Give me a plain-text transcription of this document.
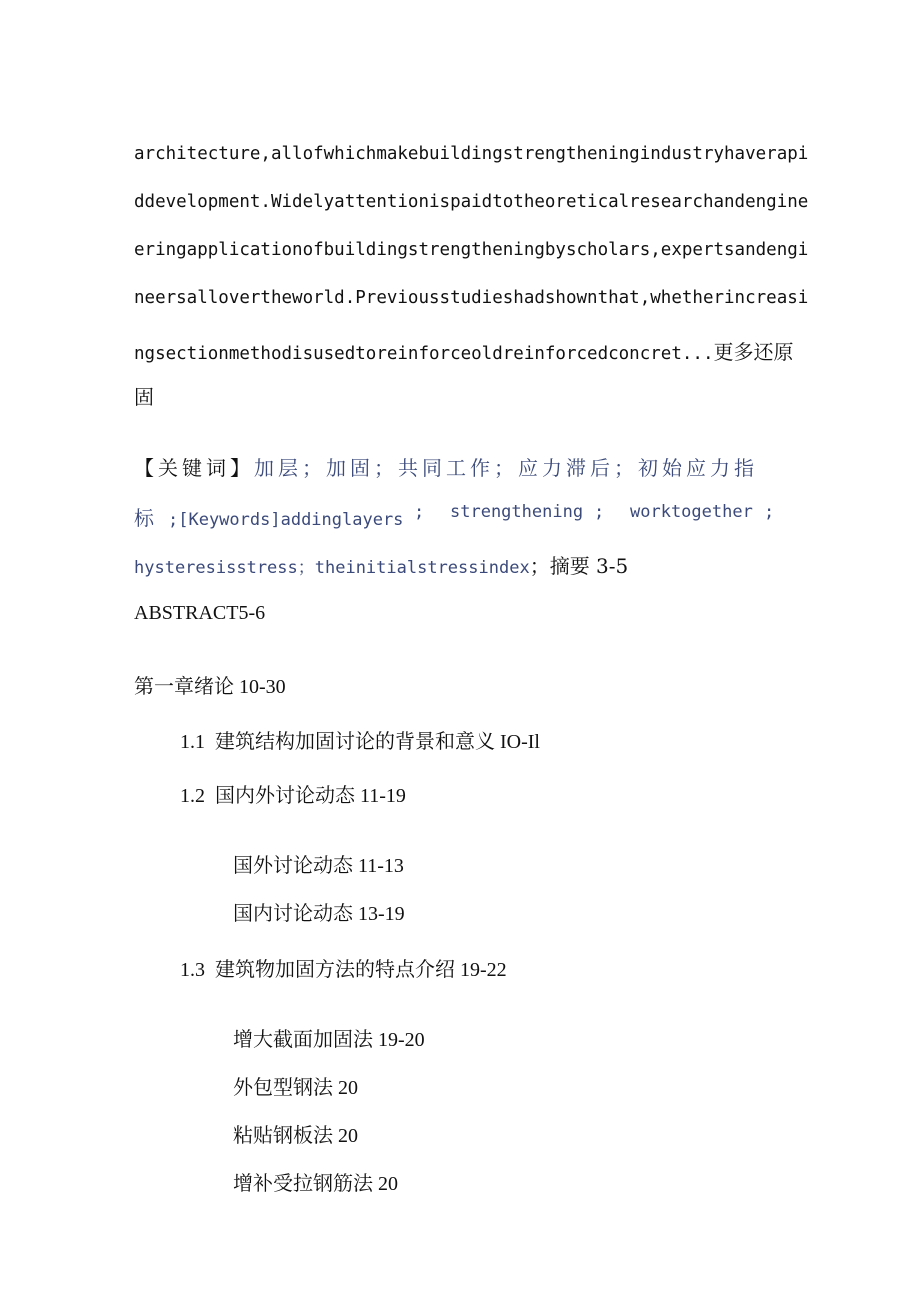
architecture,allofwhichmakebuildingstrengtheningindustryhaverapi
ddevelopment.Widelyattentionispaidtotheoreticalresearchandengine
eringapplicationofbuildingstrengtheningbyscholars,expertsandengi
neersallovertheworld.Previousstudieshadshownthat,whetherincreasi
ngsectionmethodisusedtoreinforceoldreinforcedconcret...更多还原
固
【关键词】加层；加固；共同工作；应力滞后；初始应力指
标 ;[Keywords]addinglayers ; strengthening ; worktogether ;
hysteresisstress；theinitialstressindex；摘要 3-5
ABSTRACT5-6
第一章绪论 10-30
1.1  建筑结构加固讨论的背景和意义 IO-Il
1.2  国内外讨论动态 11-19
国外讨论动态 11-13
国内讨论动态 13-19
1.3  建筑物加固方法的特点介绍 19-22
增大截面加固法 19-20
外包型钢法 20
粘贴钢板法 20
增补受拉钢筋法 20
